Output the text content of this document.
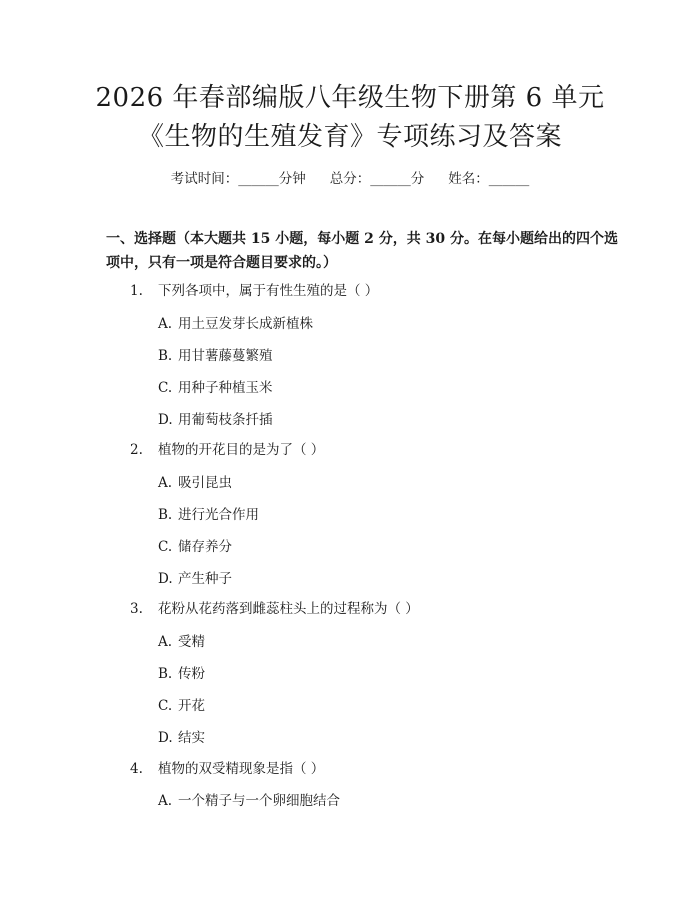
2026 年春部编版八年级生物下册第 6 单元
《生物的生殖发育》专项练习及答案
考试时间：______分钟 总分：______分 姓名：______
一、选择题（本大题共 15 小题，每小题 2 分，共 30 分。在每小题给出的四个选项中，只有一项是符合题目要求的。）
1. 下列各项中，属于有性生殖的是（ ）
A. 用土豆发芽长成新植株
B. 用甘薯藤蔓繁殖
C. 用种子种植玉米
D. 用葡萄枝条扦插
2. 植物的开花目的是为了（ ）
A. 吸引昆虫
B. 进行光合作用
C. 储存养分
D. 产生种子
3. 花粉从花药落到雌蕊柱头上的过程称为（ ）
A. 受精
B. 传粉
C. 开花
D. 结实
4. 植物的双受精现象是指（ ）
A. 一个精子与一个卵细胞结合
